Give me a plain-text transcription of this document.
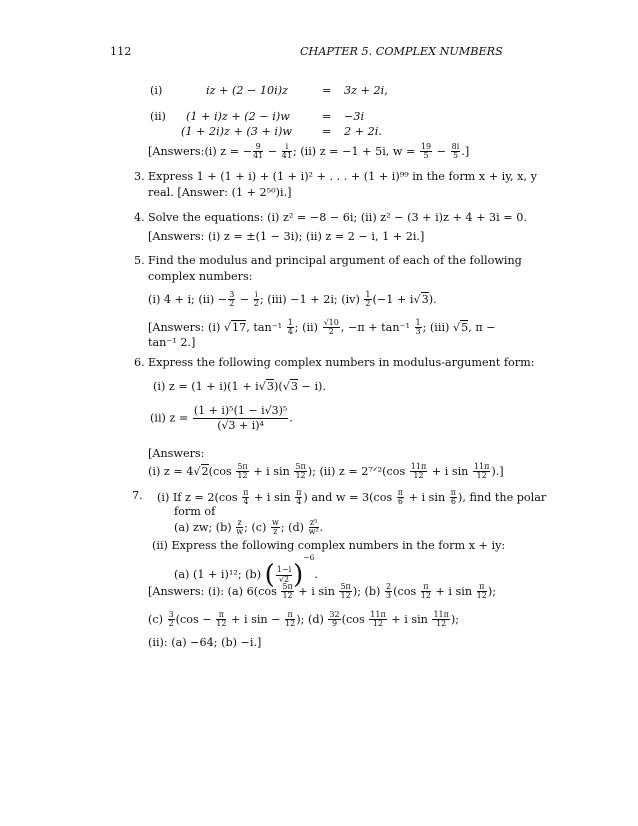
112	CHAPTER 5. COMPLEX NUMBERS
(i)	iz + (2 − 10i)z	= 3z + 2i,
(ii) (1 + i)z + (2 − i)w	= −3i
(1 + 2i)z + (3 + i)w	= 2 + 2i.
[Answers:(i) z = − $\frac{9}{41} - \frac{i}{41}$ ; (ii) z = −1 + 5i, $w = \frac{19}{5} - \frac{8i}{5}$ .]
3. Express 1 + (1 + i) + (1 + i)² + . . . + (1 + i)⁹⁹ in the form x + iy, x, y
real. [Answer: (1 + 2⁵⁰)i.]
4. Solve the equations: (i) z² = −8 − 6i; (ii) z² − (3 + i)z + 4 + 3i = 0.
[Answers: (i) z = ±(1 − 3i); (ii) z = 2 − i, 1 + 2i.]
5. Find the modulus and principal argument of each of the following
complex numbers:
(i) 4 + i; $(ii) - \frac{3}{2} - \frac{i}{2}$ ; (iii) −1 + 2i; $(iv) \frac{1}{2} (-1 + i√3)$.
[Answers: (i) √17, $\tan^{-1} \frac{1}{4}$ ; $(ii) \frac{√10}{2}$ , $-\pi + \tan^{-1} \frac{1}{3}$ ; (iii) √5, π −
tan⁻¹ 2.]
6. Express the following complex numbers in modulus-argument form:
(i) z = (1 + i)(1 + i√3)(√3 − i).
(ii) $z = \frac{\text{(1 + i)⁵(1 − i√3)⁵}}{\text{(√3 + i)⁴}}$ .
[Answers:
(i) $z = 4√2(\cos \frac{5\pi}{12} + i$ $\sin \frac{5\pi}{12}$ ); (ii) z = 2⁷ᐟ²(cos $\frac{11\pi}{12} + i$ $\sin \frac{11\pi}{12}$ ).]
7. (i) If $z = 2(\cos \frac{\pi}{4} + i$ $\sin \frac{\pi}{4}$ ) and $w = 3(\cos \frac{\pi}{6} + i$ $\sin \frac{\pi}{6}$ ), find the polar
form of
(a) zw; $(b) \frac{z}{w}$ ; $(c) \frac{w}{z}$ ; $(d) \frac{\text{z⁵}}{\text{w²}}$ .
(ii) Express the following complex numbers in the form x + iy:
(a) (1 + i)¹²; (b) ( $\frac{1-i}{√2} )^{-6}$.
[Answers: (i): (a) $6(\cos \frac{5\pi}{12} + i$ $\sin \frac{5\pi}{12}$ ); $(b) \frac{2}{3} (\cos \frac{\pi}{12} + i$ $\sin \frac{\pi}{12}$ );
$(c) \frac{3}{2} (\cos - \frac{\pi}{12} + i$ $\sin - \frac{\pi}{12}$ ); $(d) \frac{32}{9} (\cos \frac{11\pi}{12} + i$ $\sin \frac{11\pi}{12}$ );
(ii): (a) −64; (b) −i.]
